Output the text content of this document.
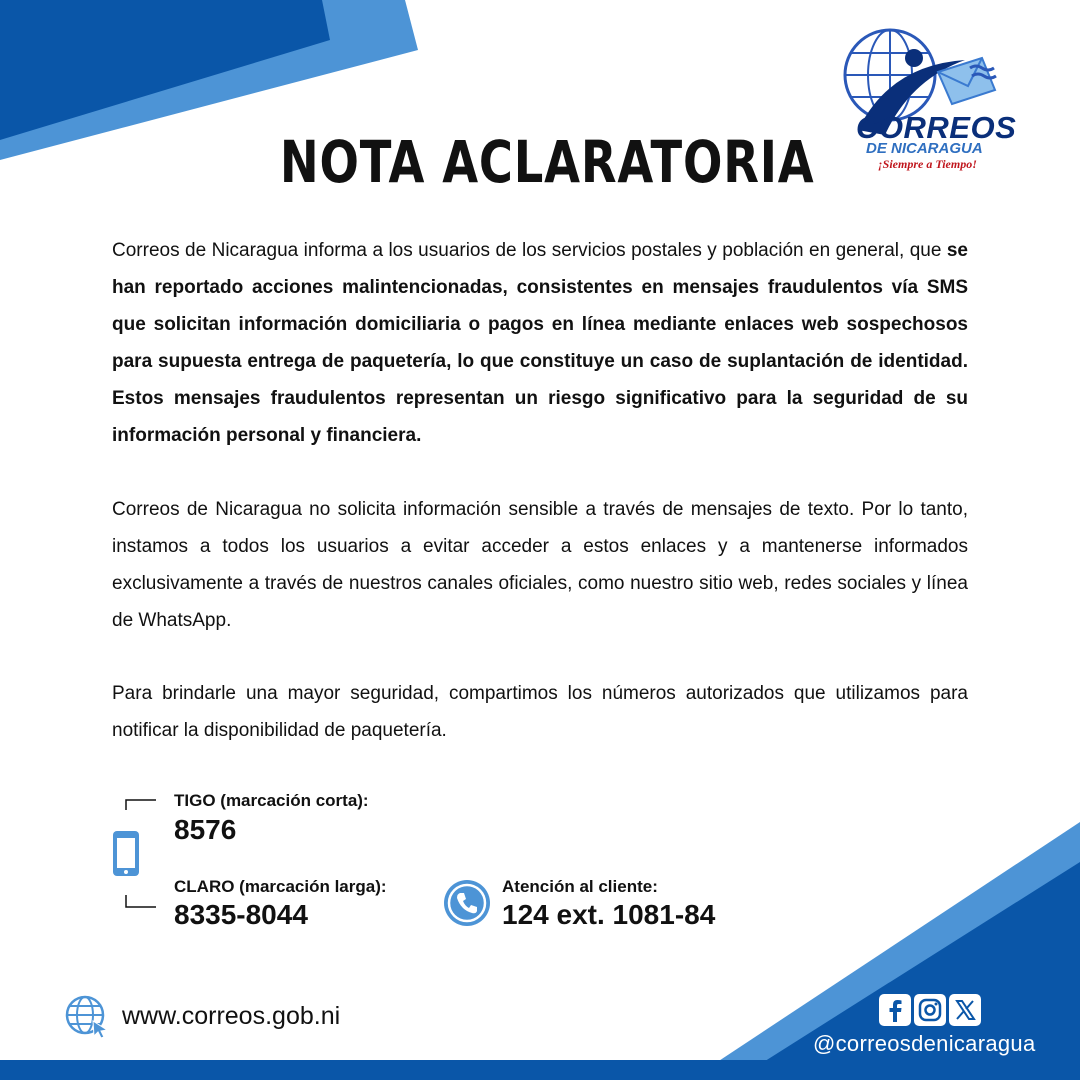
CORREOS
DE NICARAGUA
¡Siempre a Tiempo!
NOTA ACLARATORIA
Correos de Nicaragua informa a los usuarios de los servicios postales y población en general, que se han reportado acciones malintencionadas, consistentes en mensajes fraudulentos vía SMS que solicitan información domiciliaria o pagos en línea mediante enlaces web sospechosos para supuesta entrega de paquetería, lo que constituye un caso de suplantación de identidad. Estos mensajes fraudulentos representan un riesgo significativo para la seguridad de su información personal y financiera.
Correos de Nicaragua no solicita información sensible a través de mensajes de texto. Por lo tanto, instamos a todos los usuarios a evitar acceder a estos enlaces y a mantenerse informados exclusivamente a través de nuestros canales oficiales, como nuestro sitio web, redes sociales y línea de WhatsApp.
Para brindarle una mayor seguridad, compartimos los números autorizados que utilizamos para notificar la disponibilidad de paquetería.
TIGO (marcación corta):
8576
CLARO (marcación larga):
8335-8044
Atención al cliente:
124 ext. 1081-84
www.correos.gob.ni
@correosdenicaragua
